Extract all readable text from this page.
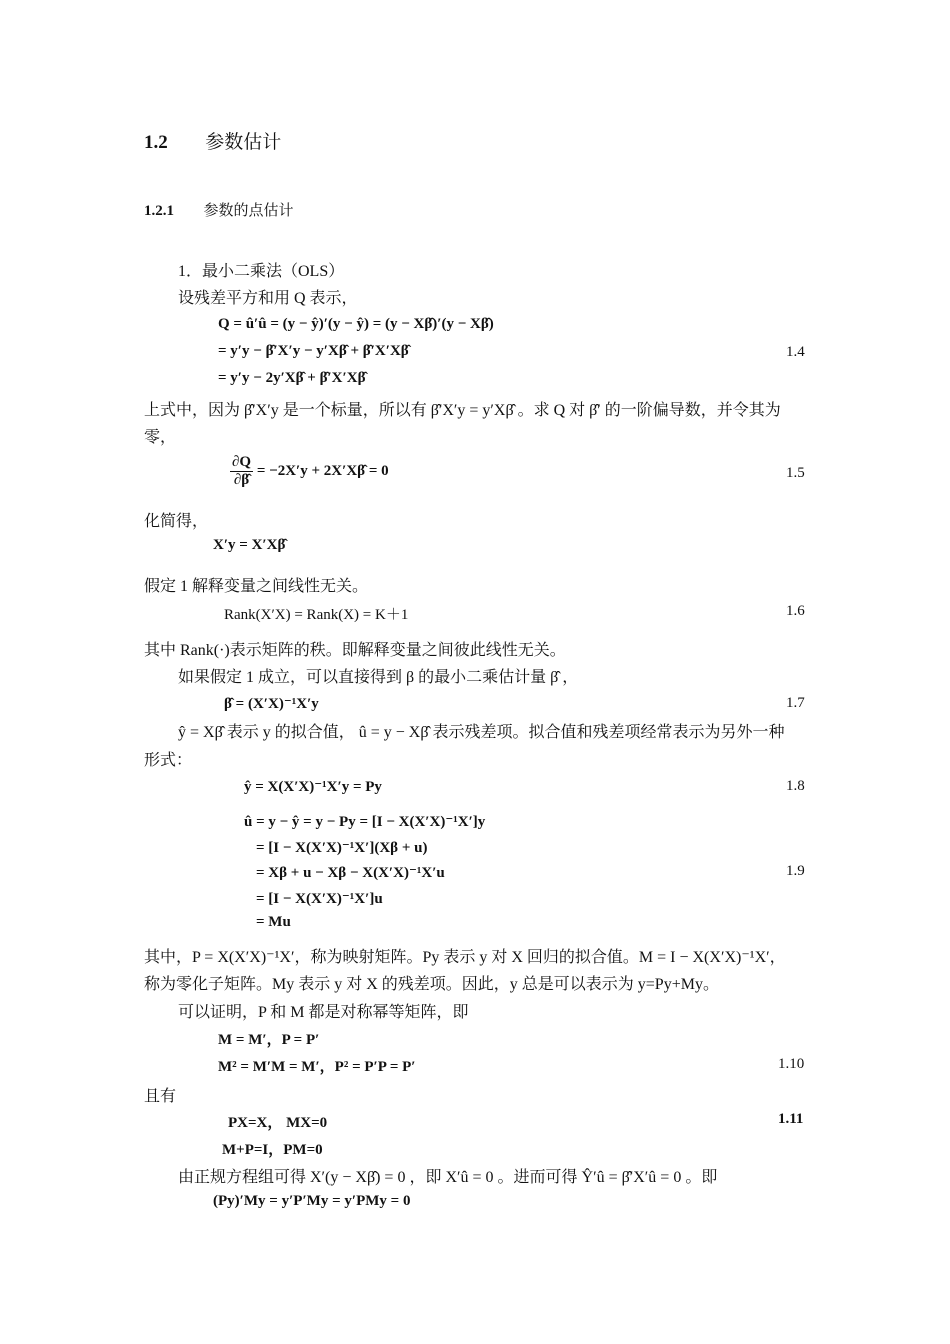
1.2 参数估计
1.2.1 参数的点估计
1．最小二乘法（OLS）
设残差平方和用 Q 表示，
Q = û′û = (y − ŷ)′(y − ŷ) = (y − Xβ̂)′(y − Xβ̂)
= y′y − β̂′X′y − y′Xβ̂ + β̂′X′Xβ̂
= y′y − 2y′Xβ̂ + β̂′X′Xβ̂
1.4
上式中，因为 β̂′X′y 是一个标量，所以有 β̂′X′y = y′Xβ̂ 。求 Q 对 β̂′ 的一阶偏导数，并令其为
零，
$\frac{\partial Q}{\partial\betâ} = -2X'y$ + 2X′Xβ̂ = 0	1.5
化简得，
X′y = X′Xβ̂
假定 1 解释变量之间线性无关。
Rank(X′X) = Rank(X) = K＋1	1.6
其中 Rank(·)表示矩阵的秩。即解释变量之间彼此线性无关。
如果假定 1 成立，可以直接得到 β 的最小二乘估计量 β̂ ，
β̂ = (X′X)⁻¹X′y	1.7
ŷ = Xβ̂ 表示 y 的拟合值， û = y − Xβ̂ 表示残差项。拟合值和残差项经常表示为另外一种
形式：
ŷ = X(X′X)⁻¹X′y = Py	1.8
û = y − ŷ = y − Py = [I − X(X′X)⁻¹X′]y
= [I − X(X′X)⁻¹X′](Xβ + u)
= Xβ + u − Xβ − X(X′X)⁻¹X′u
= [I − X(X′X)⁻¹X′]u
= Mu
1.9
其中，P = X(X′X)⁻¹X′，称为映射矩阵。Py 表示 y 对 X 回归的拟合值。M = I − X(X′X)⁻¹X′，
称为零化子矩阵。My 表示 y 对 X 的残差项。因此，y 总是可以表示为 y=Py+My。
可以证明，P 和 M 都是对称幂等矩阵，即
M = M′，P = P′
M² = M′M = M′，P² = P′P = P′	1.10
且有
PX=X， MX=0
M+P=I，PM=0
1.11
由正规方程组可得 X′(y − Xβ̂) = 0 ，即 X′û = 0 。进而可得 Ŷ′û = β̂′X′û = 0 。即
(Py)′My = y′P′My = y′PMy = 0
